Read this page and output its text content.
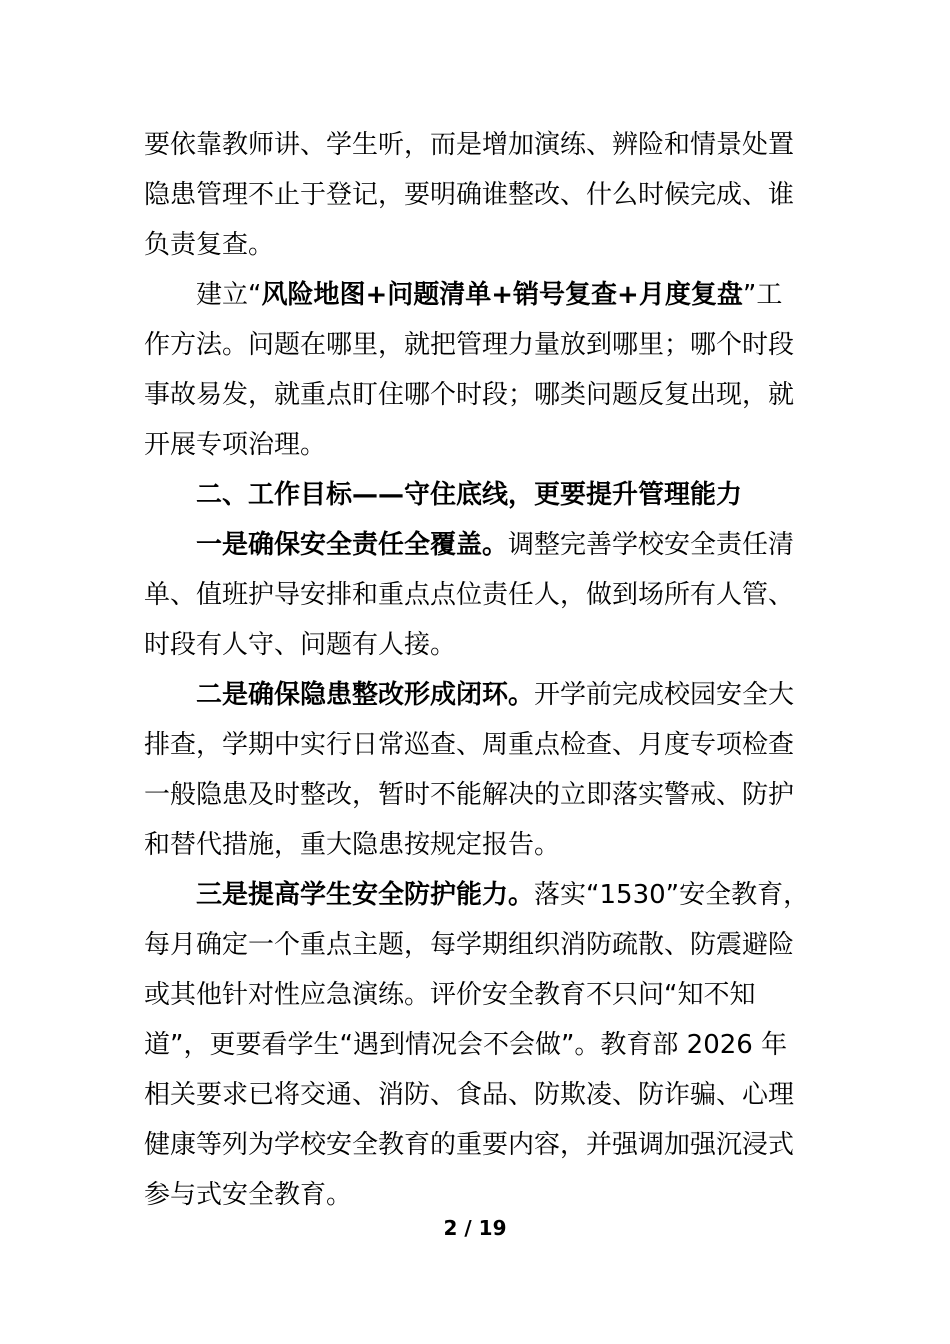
要依靠教师讲、学生听，而是增加演练、辨险和情景处置
隐患管理不止于登记，要明确谁整改、什么时候完成、谁
负责复查。
建立“风险地图+问题清单+销号复查+月度复盘”工
作方法。问题在哪里，就把管理力量放到哪里；哪个时段
事故易发，就重点盯住哪个时段；哪类问题反复出现，就
开展专项治理。
二、工作目标——守住底线，更要提升管理能力
一是确保安全责任全覆盖。调整完善学校安全责任清
单、值班护导安排和重点点位责任人，做到场所有人管、
时段有人守、问题有人接。
二是确保隐患整改形成闭环。开学前完成校园安全大
排查，学期中实行日常巡查、周重点检查、月度专项检查
一般隐患及时整改，暂时不能解决的立即落实警戒、防护
和替代措施，重大隐患按规定报告。
三是提高学生安全防护能力。落实“1530”安全教育，
每月确定一个重点主题，每学期组织消防疏散、防震避险
或其他针对性应急演练。评价安全教育不只问“知不知
道”，更要看学生“遇到情况会不会做”。教育部 2026 年
相关要求已将交通、消防、食品、防欺凌、防诈骗、心理
健康等列为学校安全教育的重要内容，并强调加强沉浸式
参与式安全教育。
2 / 19
